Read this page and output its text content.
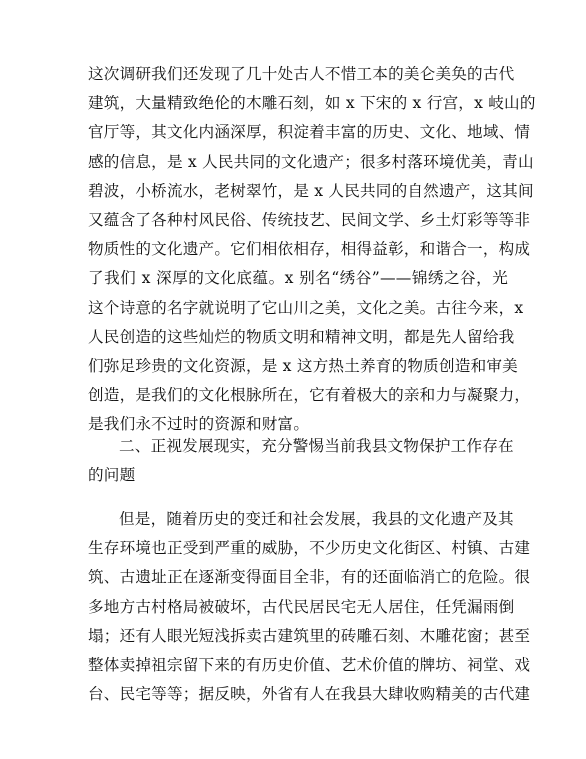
这次调研我们还发现了几十处古人不惜工本的美仑美奂的古代
建筑，大量精致绝伦的木雕石刻，如 x 下宋的 x 行宫，x 岐山的
官厅等，其文化内涵深厚，积淀着丰富的历史、文化、地域、情
感的信息，是 x 人民共同的文化遗产；很多村落环境优美，青山
碧波，小桥流水，老树翠竹，是 x 人民共同的自然遗产，这其间
又蕴含了各种村风民俗、传统技艺、民间文学、乡土灯彩等等非
物质性的文化遗产。它们相依相存，相得益彰，和谐合一，构成
了我们 x 深厚的文化底蕴。x 别名“绣谷”——锦绣之谷，光
这个诗意的名字就说明了它山川之美，文化之美。古往今来，x
人民创造的这些灿烂的物质文明和精神文明，都是先人留给我
们弥足珍贵的文化资源，是 x 这方热土养育的物质创造和审美
创造，是我们的文化根脉所在，它有着极大的亲和力与凝聚力，
是我们永不过时的资源和财富。
二、正视发展现实，充分警惕当前我县文物保护工作存在
的问题
但是，随着历史的变迁和社会发展，我县的文化遗产及其
生存环境也正受到严重的威胁，不少历史文化街区、村镇、古建
筑、古遗址正在逐渐变得面目全非，有的还面临消亡的危险。很
多地方古村格局被破坏，古代民居民宅无人居住，任凭漏雨倒
塌；还有人眼光短浅拆卖古建筑里的砖雕石刻、木雕花窗；甚至
整体卖掉祖宗留下来的有历史价值、艺术价值的牌坊、祠堂、戏
台、民宅等等；据反映，外省有人在我县大肆收购精美的古代建
